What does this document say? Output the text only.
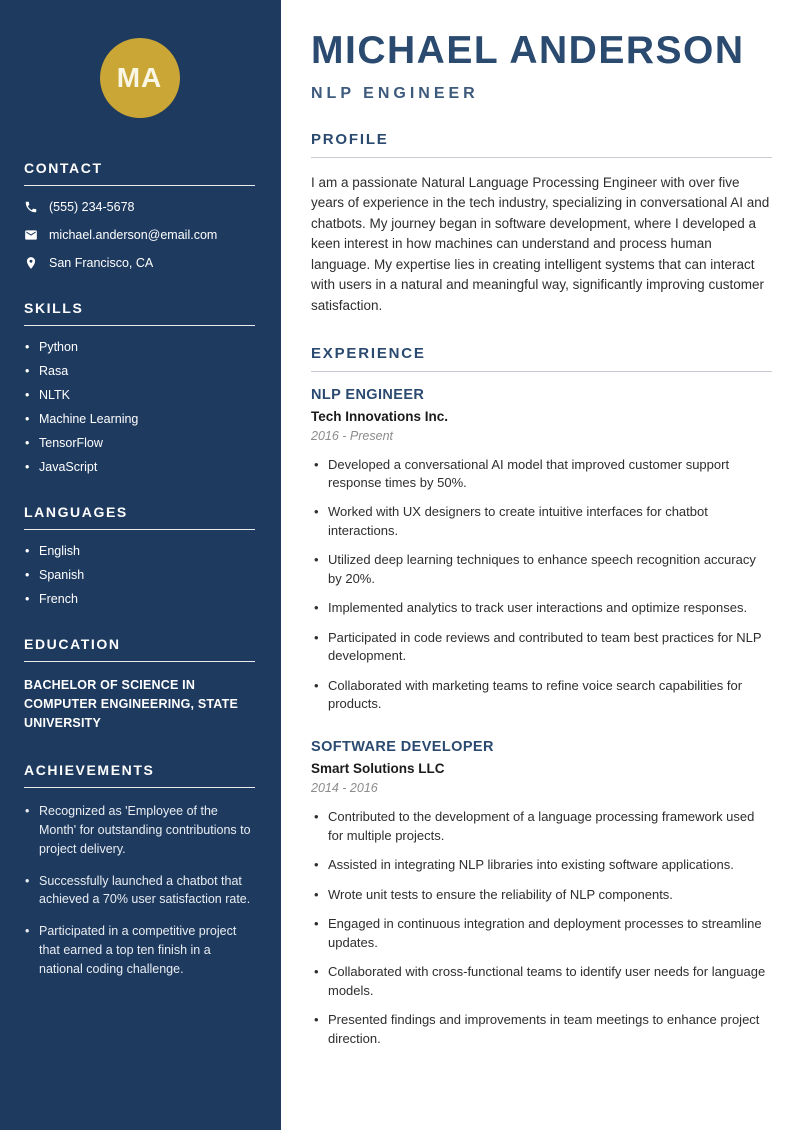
MA
CONTACT
(555) 234-5678
michael.anderson@email.com
San Francisco, CA
SKILLS
• Python
• Rasa
• NLTK
• Machine Learning
• TensorFlow
• JavaScript
LANGUAGES
• English
• Spanish
• French
EDUCATION
BACHELOR OF SCIENCE IN COMPUTER ENGINEERING, STATE UNIVERSITY
ACHIEVEMENTS
• Recognized as 'Employee of the Month' for outstanding contributions to project delivery.
• Successfully launched a chatbot that achieved a 70% user satisfaction rate.
• Participated in a competitive project that earned a top ten finish in a national coding challenge.
MICHAEL ANDERSON
NLP ENGINEER
PROFILE

I am a passionate Natural Language Processing Engineer with over five years of experience in the tech industry, specializing in conversational AI and chatbots. My journey began in software development, where I developed a keen interest in how machines can understand and process human language. My expertise lies in creating intelligent systems that can interact with users in a natural and meaningful way, significantly improving customer satisfaction.

EXPERIENCE
NLP ENGINEER
Tech Innovations Inc.
2016 - Present
• Developed a conversational AI model that improved customer support response times by 50%.
• Worked with UX designers to create intuitive interfaces for chatbot interactions.
• Utilized deep learning techniques to enhance speech recognition accuracy by 20%.
• Implemented analytics to track user interactions and optimize responses.
• Participated in code reviews and contributed to team best practices for NLP development.
• Collaborated with marketing teams to refine voice search capabilities for products.
SOFTWARE DEVELOPER
Smart Solutions LLC
2014 - 2016
• Contributed to the development of a language processing framework used for multiple projects.
• Assisted in integrating NLP libraries into existing software applications.
• Wrote unit tests to ensure the reliability of NLP components.
• Engaged in continuous integration and deployment processes to streamline updates.
• Collaborated with cross-functional teams to identify user needs for language models.
• Presented findings and improvements in team meetings to enhance project direction.
